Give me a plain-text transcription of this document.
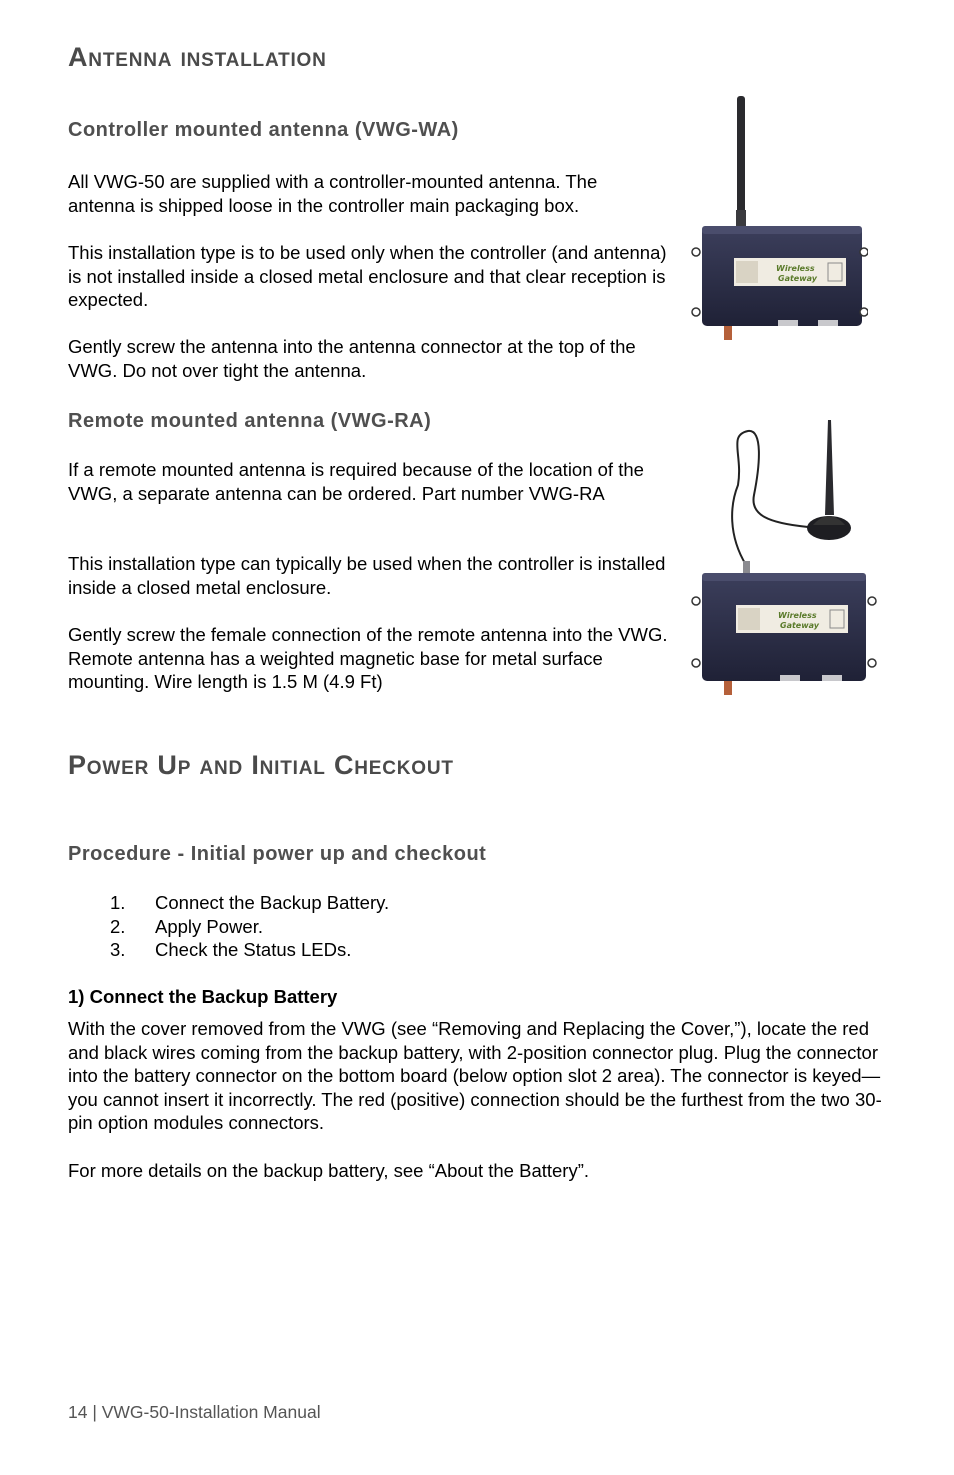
Antenna installation
Controller mounted antenna (VWG-WA)

All VWG-50 are supplied with a controller-mounted antenna. The antenna is shipped loose in the controller main packaging box.

This installation type is to be used only when the controller (and antenna) is not installed inside a closed metal enclosure and that clear reception is expected.

Gently screw the antenna into the antenna connector at the top of the VWG. Do not over tight the antenna.

Remote mounted antenna (VWG-RA)

If a remote mounted antenna is required because of the location of the VWG, a separate antenna can be ordered. Part number VWG-RA

This installation type can typically be used when the controller is installed inside a closed metal enclosure.

Gently screw the female connection of the remote antenna into the VWG. Remote antenna has a weighted magnetic base for metal surface mounting. Wire length is 1.5 M (4.9 Ft)

Wireless
Gateway
Wireless
Gateway
Power Up and Initial Checkout
Procedure - Initial power up and checkout
1.	Connect the Backup Battery.
2.	Apply Power.
3.	Check the Status LEDs.
1) Connect the Backup Battery

With the cover removed from the VWG (see “Removing and Replacing the Cover,”), locate the red and black wires coming from the backup battery, with 2-position connector plug. Plug the connector into the battery connector on the bottom board (below option slot 2 area). The connector is keyed—you cannot insert it incorrectly. The red (positive) connection should be the furthest from the two 30-pin option modules connectors.

For more details on the backup battery, see “About the Battery”.

14 | VWG-50-Installation Manual
